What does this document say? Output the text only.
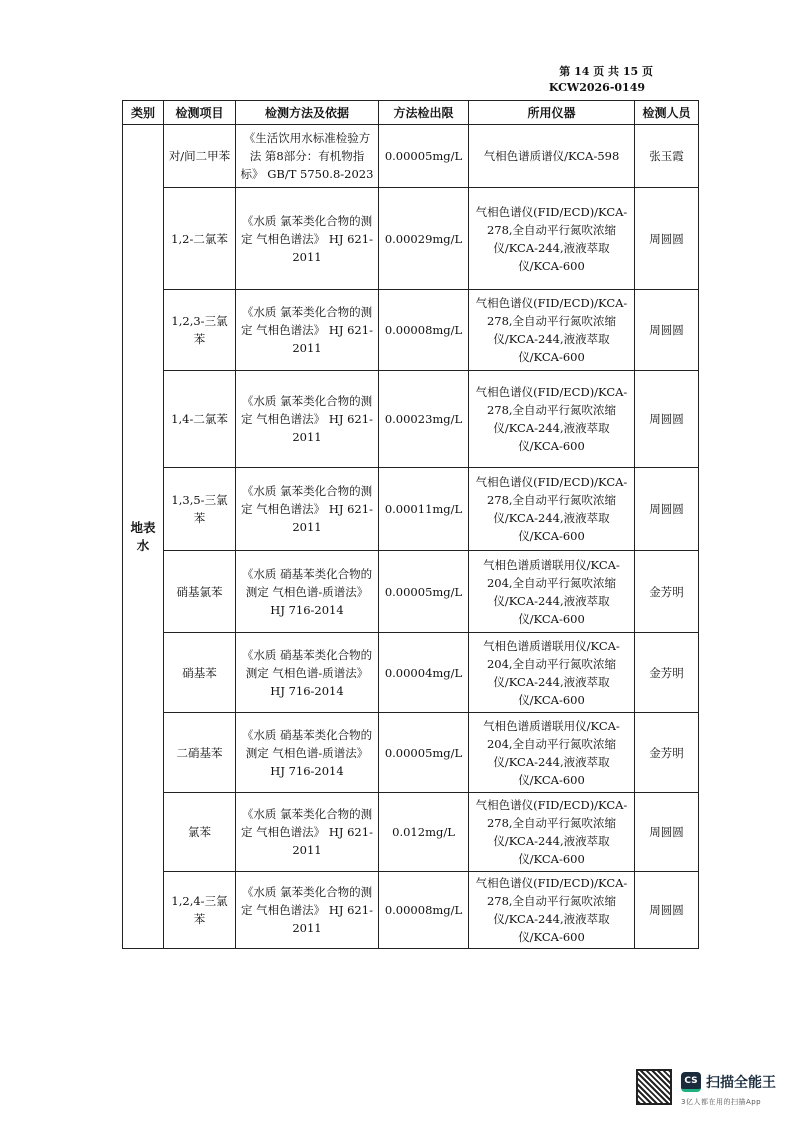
第 14 页 共 15 页
KCW2026-0149
类别	检测项目	检测方法及依据	方法检出限	所用仪器	检测人员
地表水	对/间二甲苯	《生活饮用水标准检验方法 第8部分：有机物指标》 GB/T 5750.8-2023	0.00005mg/L	气相色谱质谱仪/KCA-598	张玉霞
	1,2-二氯苯	《水质 氯苯类化合物的测定 气相色谱法》 HJ 621-2011	0.00029mg/L	气相色谱仪(FID/ECD)/KCA-278,全自动平行氮吹浓缩仪/KCA-244,液液萃取仪/KCA-600	周圆圆
	1,2,3-三氯苯	《水质 氯苯类化合物的测定 气相色谱法》 HJ 621-2011	0.00008mg/L	气相色谱仪(FID/ECD)/KCA-278,全自动平行氮吹浓缩仪/KCA-244,液液萃取仪/KCA-600	周圆圆
	1,4-二氯苯	《水质 氯苯类化合物的测定 气相色谱法》 HJ 621-2011	0.00023mg/L	气相色谱仪(FID/ECD)/KCA-278,全自动平行氮吹浓缩仪/KCA-244,液液萃取仪/KCA-600	周圆圆
	1,3,5-三氯苯	《水质 氯苯类化合物的测定 气相色谱法》 HJ 621-2011	0.00011mg/L	气相色谱仪(FID/ECD)/KCA-278,全自动平行氮吹浓缩仪/KCA-244,液液萃取仪/KCA-600	周圆圆
	硝基氯苯	《水质 硝基苯类化合物的测定 气相色谱-质谱法》 HJ 716-2014	0.00005mg/L	气相色谱质谱联用仪/KCA-204,全自动平行氮吹浓缩仪/KCA-244,液液萃取仪/KCA-600	金芳明
	硝基苯	《水质 硝基苯类化合物的测定 气相色谱-质谱法》 HJ 716-2014	0.00004mg/L	气相色谱质谱联用仪/KCA-204,全自动平行氮吹浓缩仪/KCA-244,液液萃取仪/KCA-600	金芳明
	二硝基苯	《水质 硝基苯类化合物的测定 气相色谱-质谱法》 HJ 716-2014	0.00005mg/L	气相色谱质谱联用仪/KCA-204,全自动平行氮吹浓缩仪/KCA-244,液液萃取仪/KCA-600	金芳明
	氯苯	《水质 氯苯类化合物的测定 气相色谱法》 HJ 621-2011	0.012mg/L	气相色谱仪(FID/ECD)/KCA-278,全自动平行氮吹浓缩仪/KCA-244,液液萃取仪/KCA-600	周圆圆
	1,2,4-三氯苯	《水质 氯苯类化合物的测定 气相色谱法》 HJ 621-2011	0.00008mg/L	气相色谱仪(FID/ECD)/KCA-278,全自动平行氮吹浓缩仪/KCA-244,液液萃取仪/KCA-600	周圆圆
CS 扫描全能王
3亿人都在用的扫描App
